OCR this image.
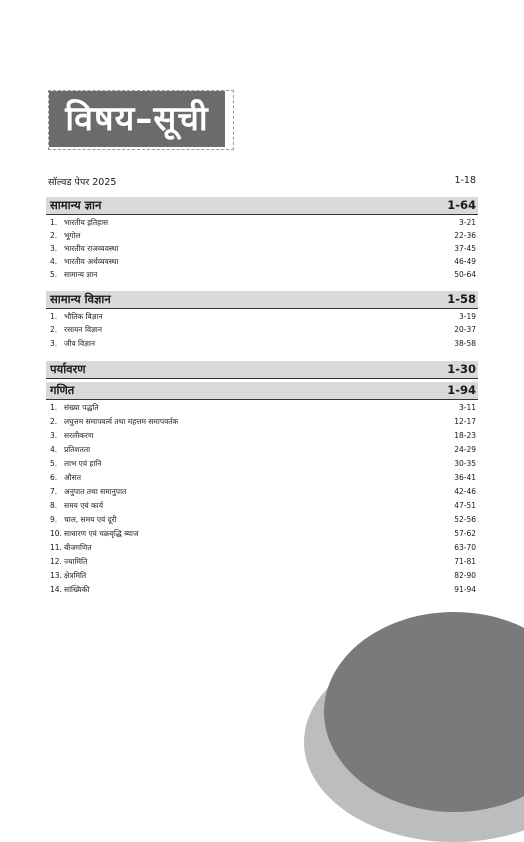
विषय–सूची
सॉल्वड पेपर 2025	1-18
सामान्य ज्ञान	1-64
1. भारतीय इतिहास	3-21
2. भूगोल	22-36
3. भारतीय राजव्यवस्था	37-45
4. भारतीय अर्थव्यवस्था	46-49
5. सामान्य ज्ञान	50-64
सामान्य विज्ञान	1-58
1. भौतिक विज्ञान	3-19
2. रसायन विज्ञान	20-37
3. जीव विज्ञान	38-58
पर्यावरण	1-30
गणित	1-94
1. संख्या पद्धति	3-11
2. लघुत्तम समापवर्त्य तथा महत्तम समापवर्तक	12-17
3. सरलीकरण	18-23
4. प्रतिशतता	24-29
5. लाभ एवं हानि	30-35
6. औसत	36-41
7. अनुपात तथा समानुपात	42-46
8. समय एवं कार्य	47-51
9. चाल, समय एवं दूरी	52-56
10. साधारण एवं चक्रवृद्धि ब्याज	57-62
11. बीजगणित	63-70
12. ज्यामिति	71-81
13. क्षेत्रमिति	82-90
14. सांख्यिकी	91-94
